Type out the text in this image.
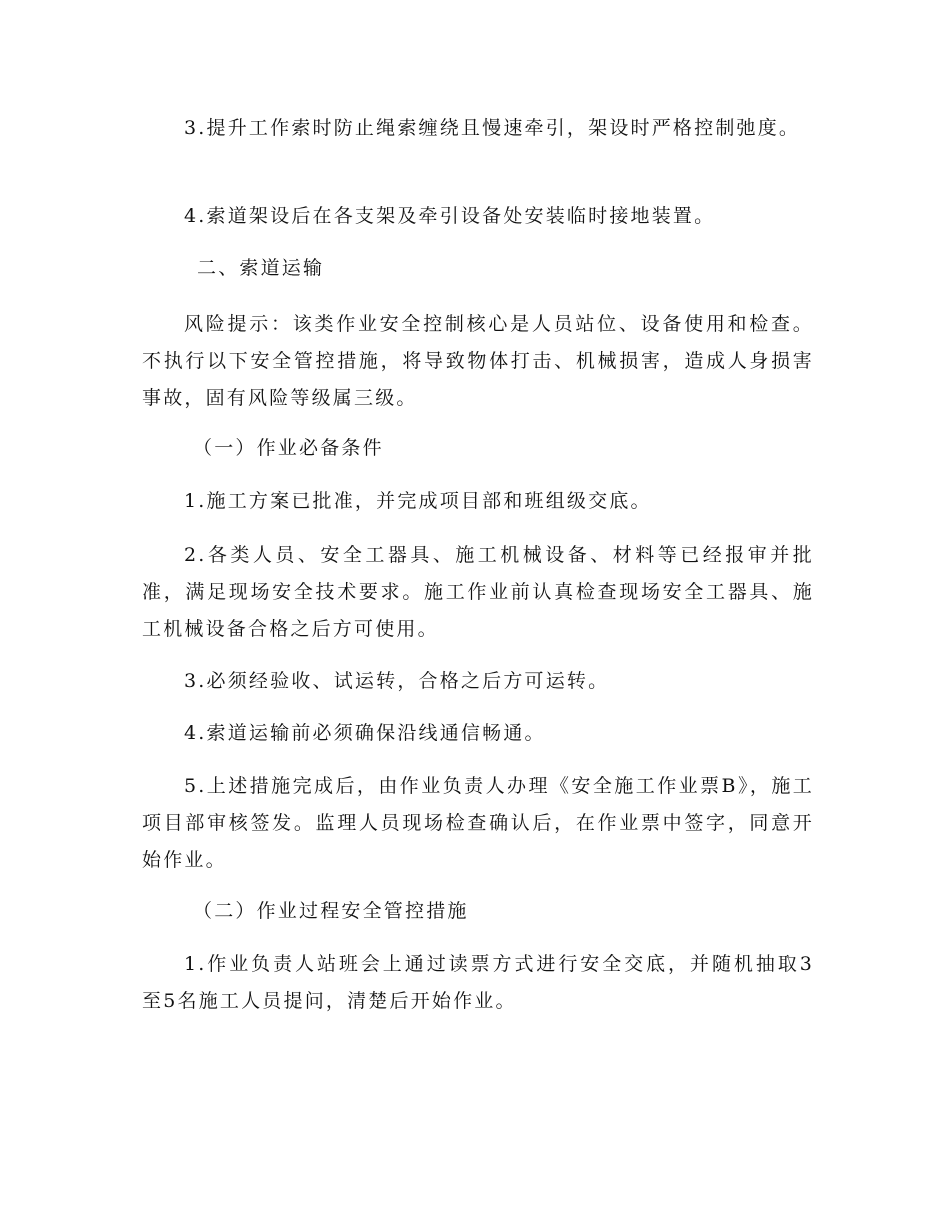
3.提升工作索时防止绳索缠绕且慢速牵引，架设时严格控制弛度。

4.索道架设后在各支架及牵引设备处安装临时接地装置。

二、索道运输

风险提示：该类作业安全控制核心是人员站位、设备使用和检查。不执行以下安全管控措施，将导致物体打击、机械损害，造成人身损害事故，固有风险等级属三级。

（一）作业必备条件

1.施工方案已批准，并完成项目部和班组级交底。

2.各类人员、安全工器具、施工机械设备、材料等已经报审并批准，满足现场安全技术要求。施工作业前认真检查现场安全工器具、施工机械设备合格之后方可使用。

3.必须经验收、试运转，合格之后方可运转。

4.索道运输前必须确保沿线通信畅通。

5.上述措施完成后，由作业负责人办理《安全施工作业票B》，施工项目部审核签发。监理人员现场检查确认后，在作业票中签字，同意开始作业。

（二）作业过程安全管控措施

1.作业负责人站班会上通过读票方式进行安全交底，并随机抽取3至5名施工人员提问，清楚后开始作业。
